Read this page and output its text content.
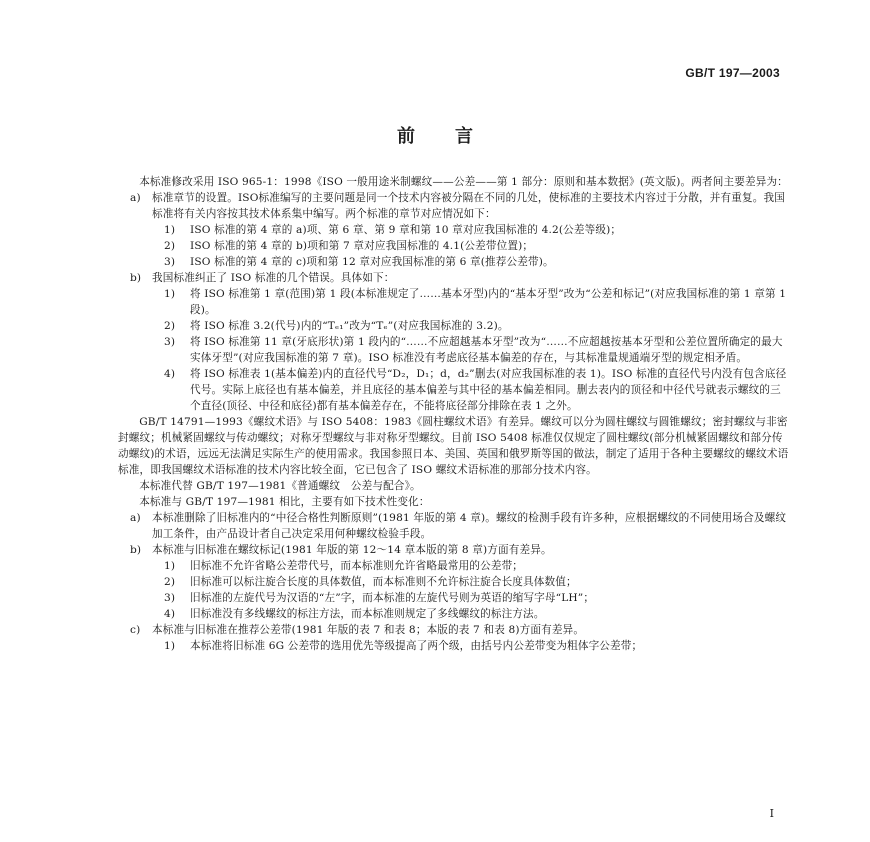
GB/T 197—2003
前言
本标准修改采用 ISO 965-1：1998《ISO 一般用途米制螺纹——公差——第 1 部分：原则和基本数据》(英文版)。两者间主要差异为：
a)	标准章节的设置。ISO标准编写的主要问题是同一个技术内容被分隔在不同的几处，使标准的主要技术内容过于分散，并有重复。我国标准将有关内容按其技术体系集中编写。两个标准的章节对应情况如下：
1)	ISO 标准的第 4 章的 a)项、第 6 章、第 9 章和第 10 章对应我国标准的 4.2(公差等级)；
2)	ISO 标准的第 4 章的 b)项和第 7 章对应我国标准的 4.1(公差带位置)；
3)	ISO 标准的第 4 章的 c)项和第 12 章对应我国标准的第 6 章(推荐公差带)。
b)	我国标准纠正了 ISO 标准的几个错误。具体如下：
1)	将 ISO 标准第 1 章(范围)第 1 段(本标准规定了……基本牙型)内的“基本牙型”改为“公差和标记”(对应我国标准的第 1 章第 1 段)。
2)	将 ISO 标准 3.2(代号)内的“Tₑ₁”改为“Tₑ”(对应我国标准的 3.2)。
3)	将 ISO 标准第 11 章(牙底形状)第 1 段内的“……不应超越基本牙型”改为“……不应超越按基本牙型和公差位置所确定的最大实体牙型”(对应我国标准的第 7 章)。ISO 标准没有考虑底径基本偏差的存在，与其标准量规通端牙型的规定相矛盾。
4)	将 ISO 标准表 1(基本偏差)内的直径代号“D₂，D₁；d，d₂”删去(对应我国标准的表 1)。ISO 标准的直径代号内没有包含底径代号。实际上底径也有基本偏差，并且底径的基本偏差与其中径的基本偏差相同。删去表内的顶径和中径代号就表示螺纹的三个直径(顶径、中径和底径)都有基本偏差存在，不能将底径部分排除在表 1 之外。
GB/T 14791—1993《螺纹术语》与 ISO 5408：1983《圆柱螺纹术语》有差异。螺纹可以分为圆柱螺纹与圆锥螺纹；密封螺纹与非密封螺纹；机械紧固螺纹与传动螺纹；对称牙型螺纹与非对称牙型螺纹。目前 ISO 5408 标准仅仅规定了圆柱螺纹(部分机械紧固螺纹和部分传动螺纹)的术语，远远无法满足实际生产的使用需求。我国参照日本、美国、英国和俄罗斯等国的做法，制定了适用于各种主要螺纹的螺纹术语标准，即我国螺纹术语标准的技术内容比较全面，它已包含了 ISO 螺纹术语标准的那部分技术内容。
本标准代替 GB/T 197—1981《普通螺纹　公差与配合》。
本标准与 GB/T 197—1981 相比，主要有如下技术性变化：
a)	本标准删除了旧标准内的“中径合格性判断原则”(1981 年版的第 4 章)。螺纹的检测手段有许多种，应根据螺纹的不同使用场合及螺纹加工条件，由产品设计者自己决定采用何种螺纹检验手段。
b)	本标准与旧标准在螺纹标记(1981 年版的第 12～14 章本版的第 8 章)方面有差异。
1)	旧标准不允许省略公差带代号，而本标准则允许省略最常用的公差带；
2)	旧标准可以标注旋合长度的具体数值，而本标准则不允许标注旋合长度具体数值；
3)	旧标准的左旋代号为汉语的“左”字，而本标准的左旋代号则为英语的缩写字母“LH”；
4)	旧标准没有多线螺纹的标注方法，而本标准则规定了多线螺纹的标注方法。
c)	本标准与旧标准在推荐公差带(1981 年版的表 7 和表 8；本版的表 7 和表 8)方面有差异。
1)	本标准将旧标准 6G 公差带的选用优先等级提高了两个级，由括号内公差带变为粗体字公差带；
I
